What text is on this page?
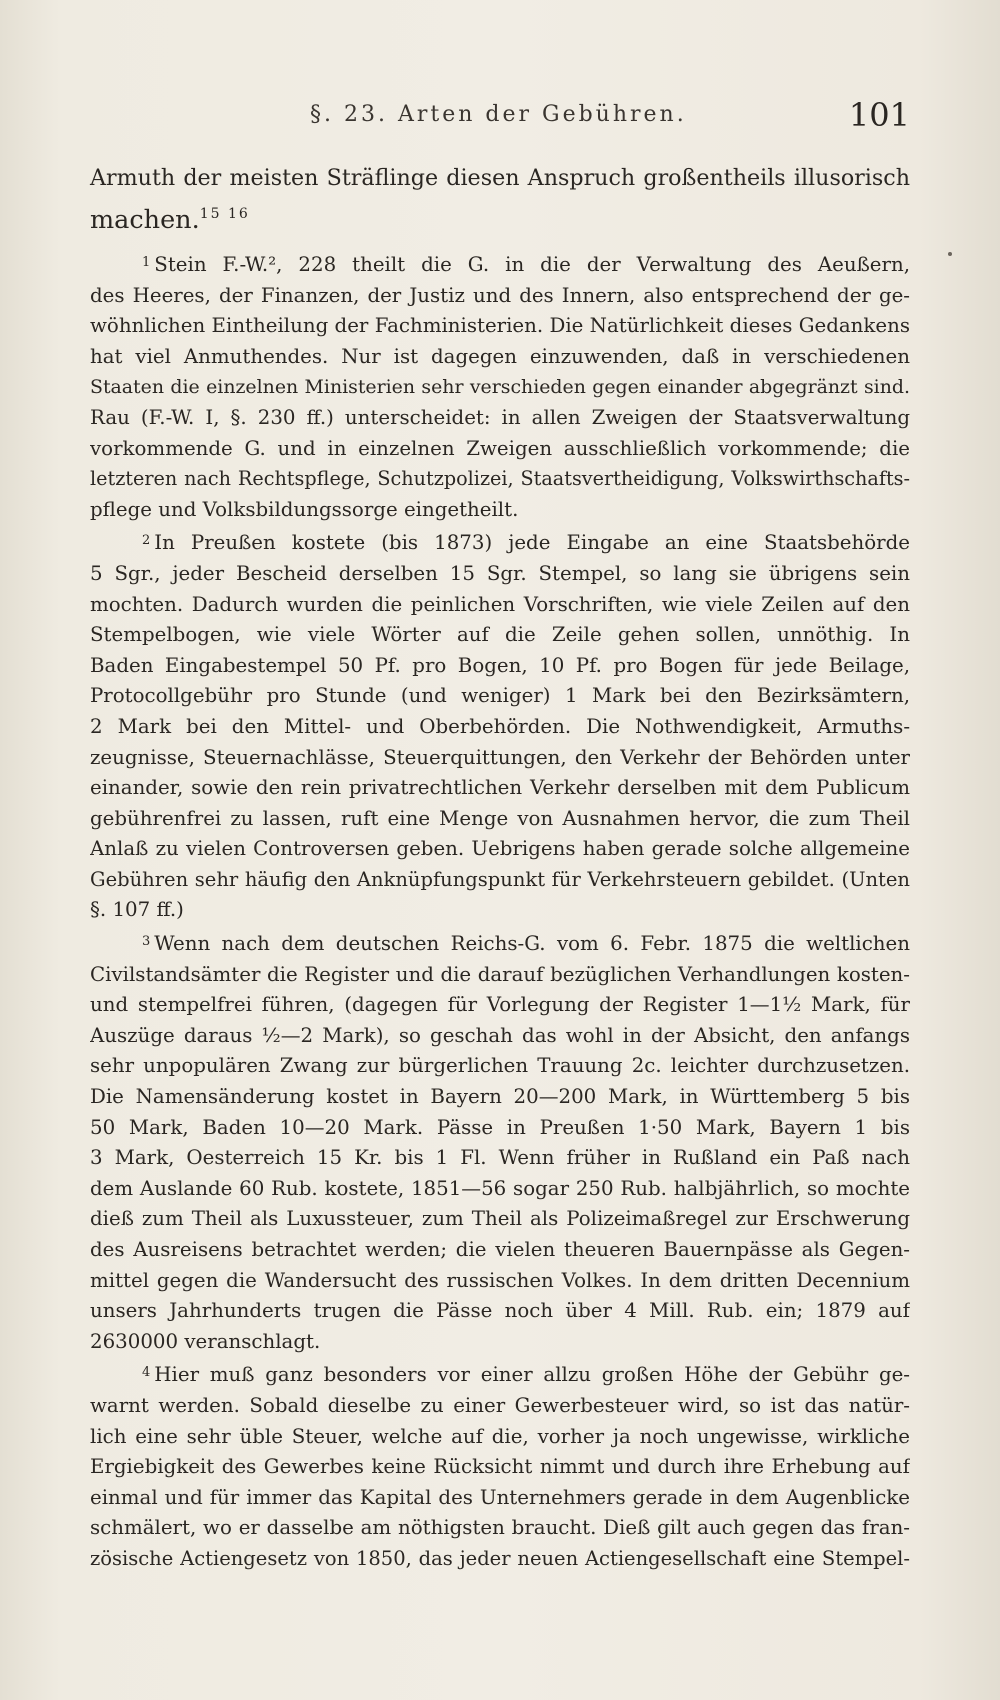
§. 23. Arten der Gebühren.	101
Armuth der meisten Sträflinge diesen Anspruch großentheils illusorisch
machen.$^{15 16}$
$^1$ Stein F.-W.², 228 theilt die G. in die der Verwaltung des Aeußern,
des Heeres, der Finanzen, der Justiz und des Innern, also entsprechend der ge-
wöhnlichen Eintheilung der Fachministerien. Die Natürlichkeit dieses Gedankens
hat viel Anmuthendes. Nur ist dagegen einzuwenden, daß in verschiedenen
Staaten die einzelnen Ministerien sehr verschieden gegen einander abgegränzt sind.
Rau (F.-W. I, §. 230 ff.) unterscheidet: in allen Zweigen der Staatsverwaltung
vorkommende G. und in einzelnen Zweigen ausschließlich vorkommende; die
letzteren nach Rechtspflege, Schutzpolizei, Staatsvertheidigung, Volkswirthschafts-
pflege und Volksbildungssorge eingetheilt.
$^2$ In Preußen kostete (bis 1873) jede Eingabe an eine Staatsbehörde
5 Sgr., jeder Bescheid derselben 15 Sgr. Stempel, so lang sie übrigens sein
mochten. Dadurch wurden die peinlichen Vorschriften, wie viele Zeilen auf den
Stempelbogen, wie viele Wörter auf die Zeile gehen sollen, unnöthig. In
Baden Eingabestempel 50 Pf. pro Bogen, 10 Pf. pro Bogen für jede Beilage,
Protocollgebühr pro Stunde (und weniger) 1 Mark bei den Bezirksämtern,
2 Mark bei den Mittel- und Oberbehörden. Die Nothwendigkeit, Armuths-
zeugnisse, Steuernachlässe, Steuerquittungen, den Verkehr der Behörden unter
einander, sowie den rein privatrechtlichen Verkehr derselben mit dem Publicum
gebührenfrei zu lassen, ruft eine Menge von Ausnahmen hervor, die zum Theil
Anlaß zu vielen Controversen geben. Uebrigens haben gerade solche allgemeine
Gebühren sehr häufig den Anknüpfungspunkt für Verkehrsteuern gebildet. (Unten
§. 107 ff.)
$^3$ Wenn nach dem deutschen Reichs-G. vom 6. Febr. 1875 die weltlichen
Civilstandsämter die Register und die darauf bezüglichen Verhandlungen kosten-
und stempelfrei führen, (dagegen für Vorlegung der Register 1—1½ Mark, für
Auszüge daraus ½—2 Mark), so geschah das wohl in der Absicht, den anfangs
sehr unpopulären Zwang zur bürgerlichen Trauung 2c. leichter durchzusetzen.
Die Namensänderung kostet in Bayern 20—200 Mark, in Württemberg 5 bis
50 Mark, Baden 10—20 Mark. Pässe in Preußen 1·50 Mark, Bayern 1 bis
3 Mark, Oesterreich 15 Kr. bis 1 Fl. Wenn früher in Rußland ein Paß nach
dem Auslande 60 Rub. kostete, 1851—56 sogar 250 Rub. halbjährlich, so mochte
dieß zum Theil als Luxussteuer, zum Theil als Polizeimaßregel zur Erschwerung
des Ausreisens betrachtet werden; die vielen theueren Bauernpässe als Gegen-
mittel gegen die Wandersucht des russischen Volkes. In dem dritten Decennium
unsers Jahrhunderts trugen die Pässe noch über 4 Mill. Rub. ein; 1879 auf
2630000 veranschlagt.
$^4$ Hier muß ganz besonders vor einer allzu großen Höhe der Gebühr ge-
warnt werden. Sobald dieselbe zu einer Gewerbesteuer wird, so ist das natür-
lich eine sehr üble Steuer, welche auf die, vorher ja noch ungewisse, wirkliche
Ergiebigkeit des Gewerbes keine Rücksicht nimmt und durch ihre Erhebung auf
einmal und für immer das Kapital des Unternehmers gerade in dem Augenblicke
schmälert, wo er dasselbe am nöthigsten braucht. Dieß gilt auch gegen das fran-
zösische Actiengesetz von 1850, das jeder neuen Actiengesellschaft eine Stempel-
